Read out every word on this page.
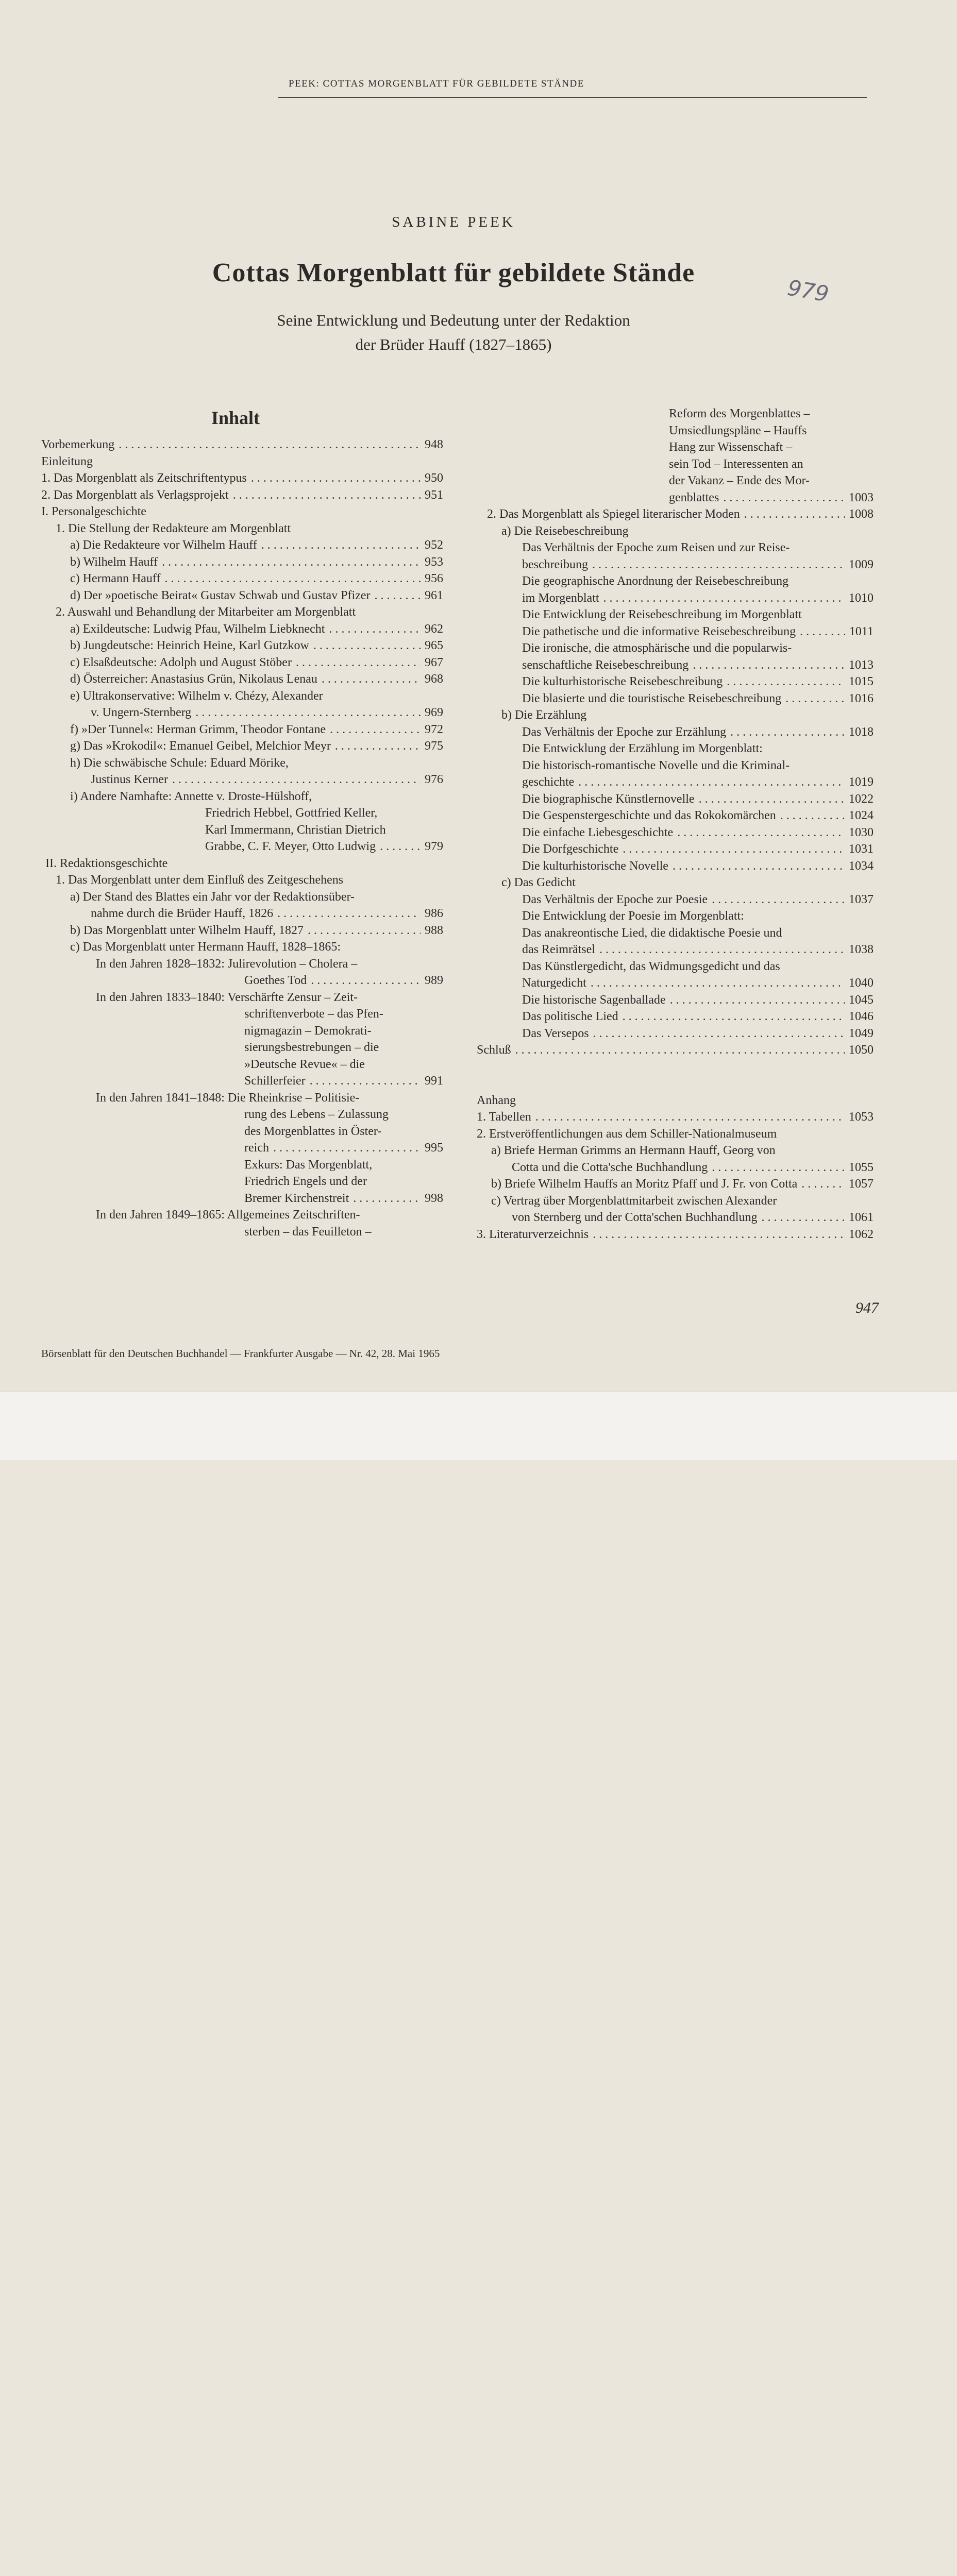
PEEK: COTTAS MORGENBLATT FÜR GEBILDETE STÄNDE
SABINE PEEK
Cottas Morgenblatt für gebildete Stände
Seine Entwicklung und Bedeutung unter der Redaktion
der Brüder Hauff (1827–1865)
979
Inhalt
Vorbemerkung . . .	948
Einleitung
1. Das Morgenblatt als Zeitschriftentypus . . .	950
2. Das Morgenblatt als Verlagsprojekt . . .	951
I. Personalgeschichte
1. Die Stellung der Redakteure am Morgenblatt
a) Die Redakteure vor Wilhelm Hauff . . .	952
b) Wilhelm Hauff . . .	953
c) Hermann Hauff . . .	956
d) Der »poetische Beirat« Gustav Schwab und Gustav Pfizer . . .	961
2. Auswahl und Behandlung der Mitarbeiter am Morgenblatt
a) Exildeutsche: Ludwig Pfau, Wilhelm Liebknecht . . .	962
b) Jungdeutsche: Heinrich Heine, Karl Gutzkow . . .	965
c) Elsaßdeutsche: Adolph und August Stöber . . .	967
d) Österreicher: Anastasius Grün, Nikolaus Lenau . . .	968
e) Ultrakonservative: Wilhelm v. Chézy, Alexander
v. Ungern-Sternberg . . .	969
f) »Der Tunnel«: Herman Grimm, Theodor Fontane . . .	972
g) Das »Krokodil«: Emanuel Geibel, Melchior Meyr . . .	975
h) Die schwäbische Schule: Eduard Mörike,
Justinus Kerner . . .	976
i) Andere Namhafte: Annette v. Droste-Hülshoff,
Friedrich Hebbel, Gottfried Keller,
Karl Immermann, Christian Dietrich
Grabbe, C. F. Meyer, Otto Ludwig . . .	979
II. Redaktionsgeschichte
1. Das Morgenblatt unter dem Einfluß des Zeitgeschehens
a) Der Stand des Blattes ein Jahr vor der Redaktionsüber-
nahme durch die Brüder Hauff, 1826 . . .	986
b) Das Morgenblatt unter Wilhelm Hauff, 1827 . . .	988
c) Das Morgenblatt unter Hermann Hauff, 1828–1865:
In den Jahren 1828–1832: Julirevolution – Cholera –
Goethes Tod . . .	989
In den Jahren 1833–1840: Verschärfte Zensur – Zeit-
schriftenverbote – das Pfen-
nigmagazin – Demokrati-
sierungsbestrebungen – die
»Deutsche Revue« – die
Schillerfeier . . .	991
In den Jahren 1841–1848: Die Rheinkrise – Politisie-
rung des Lebens – Zulassung
des Morgenblattes in Öster-
reich . . .	995
Exkurs: Das Morgenblatt,
Friedrich Engels und der
Bremer Kirchenstreit . . .	998
In den Jahren 1849–1865: Allgemeines Zeitschriften-
sterben – das Feuilleton –
Reform des Morgenblattes –
Umsiedlungspläne – Hauffs
Hang zur Wissenschaft –
sein Tod – Interessenten an
der Vakanz – Ende des Mor-
genblattes . . .	1003
2. Das Morgenblatt als Spiegel literarischer Moden . . .	1008
a) Die Reisebeschreibung
Das Verhältnis der Epoche zum Reisen und zur Reise-
beschreibung . . .	1009
Die geographische Anordnung der Reisebeschreibung
im Morgenblatt . . .	1010
Die Entwicklung der Reisebeschreibung im Morgenblatt
Die pathetische und die informative Reisebeschreibung . . .	1011
Die ironische, die atmosphärische und die popularwis-
senschaftliche Reisebeschreibung . . .	1013
Die kulturhistorische Reisebeschreibung . . .	1015
Die blasierte und die touristische Reisebeschreibung . . .	1016
b) Die Erzählung
Das Verhältnis der Epoche zur Erzählung . . .	1018
Die Entwicklung der Erzählung im Morgenblatt:
Die historisch-romantische Novelle und die Kriminal-
geschichte . . .	1019
Die biographische Künstlernovelle . . .	1022
Die Gespenstergeschichte und das Rokokomärchen . . .	1024
Die einfache Liebesgeschichte . . .	1030
Die Dorfgeschichte . . .	1031
Die kulturhistorische Novelle . . .	1034
c) Das Gedicht
Das Verhältnis der Epoche zur Poesie . . .	1037
Die Entwicklung der Poesie im Morgenblatt:
Das anakreontische Lied, die didaktische Poesie und
das Reimrätsel . . .	1038
Das Künstlergedicht, das Widmungsgedicht und das
Naturgedicht . . .	1040
Die historische Sagenballade . . .	1045
Das politische Lied . . .	1046
Das Versepos . . .	1049
Schluß . . .	1050
Anhang
1. Tabellen . . .	1053
2. Erstveröffentlichungen aus dem Schiller-Nationalmuseum
a) Briefe Herman Grimms an Hermann Hauff, Georg von
Cotta und die Cotta'sche Buchhandlung . . .	1055
b) Briefe Wilhelm Hauffs an Moritz Pfaff und J. Fr. von Cotta . . .	1057
c) Vertrag über Morgenblattmitarbeit zwischen Alexander
von Sternberg und der Cotta'schen Buchhandlung . . .	1061
3. Literaturverzeichnis . . .	1062
947
Börsenblatt für den Deutschen Buchhandel — Frankfurter Ausgabe — Nr. 42, 28. Mai 1965
